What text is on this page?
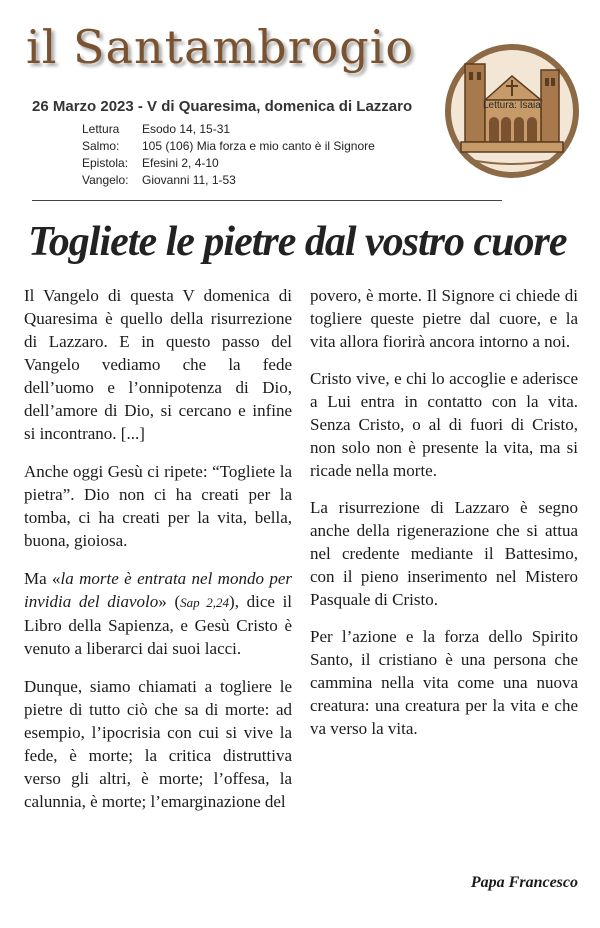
il Santambrogio
26 Marzo 2023 - V di Quaresima, domenica di Lazzaro
Lettura Esodo 14, 15-31
Salmo: 105 (106) Mia forza e mio canto è il Signore
Epistola: Efesini 2, 4-10
Vangelo: Giovanni 11, 1-53
Lettura: Isaia
Togliete le pietre dal vostro cuore

Il Vangelo di questa V domenica di Quaresima è quello della risurrezione di Lazzaro. E in questo passo del Vangelo vediamo che la fede dell’uomo e l’onnipotenza di Dio, dell’amore di Dio, si cercano e infine si incontrano. [...]

Anche oggi Gesù ci ripete: “Togliete la pietra”. Dio non ci ha creati per la tomba, ci ha creati per la vita, bella, buona, gioiosa.

Ma «la morte è entrata nel mondo per invidia del diavolo» (Sap 2,24), dice il Libro della Sapienza, e Gesù Cristo è venuto a liberarci dai suoi lacci.

Dunque, siamo chiamati a togliere le pietre di tutto ciò che sa di morte: ad esempio, l’ipocrisia con cui si vive la fede, è morte; la critica distruttiva verso gli altri, è morte; l’offesa, la calunnia, è morte; l’emarginazione del

povero, è morte. Il Signore ci chiede di togliere queste pietre dal cuore, e la vita allora fiorirà ancora intorno a noi.

Cristo vive, e chi lo accoglie e aderisce a Lui entra in contatto con la vita. Senza Cristo, o al di fuori di Cristo, non solo non è presente la vita, ma si ricade nella morte.

La risurrezione di Lazzaro è segno anche della rigenerazione che si attua nel credente mediante il Battesimo, con il pieno inserimento nel Mistero Pasquale di Cristo.

Per l’azione e la forza dello Spirito Santo, il cristiano è una persona che cammina nella vita come una nuova creatura: una creatura per la vita e che va verso la vita.

Papa Francesco
